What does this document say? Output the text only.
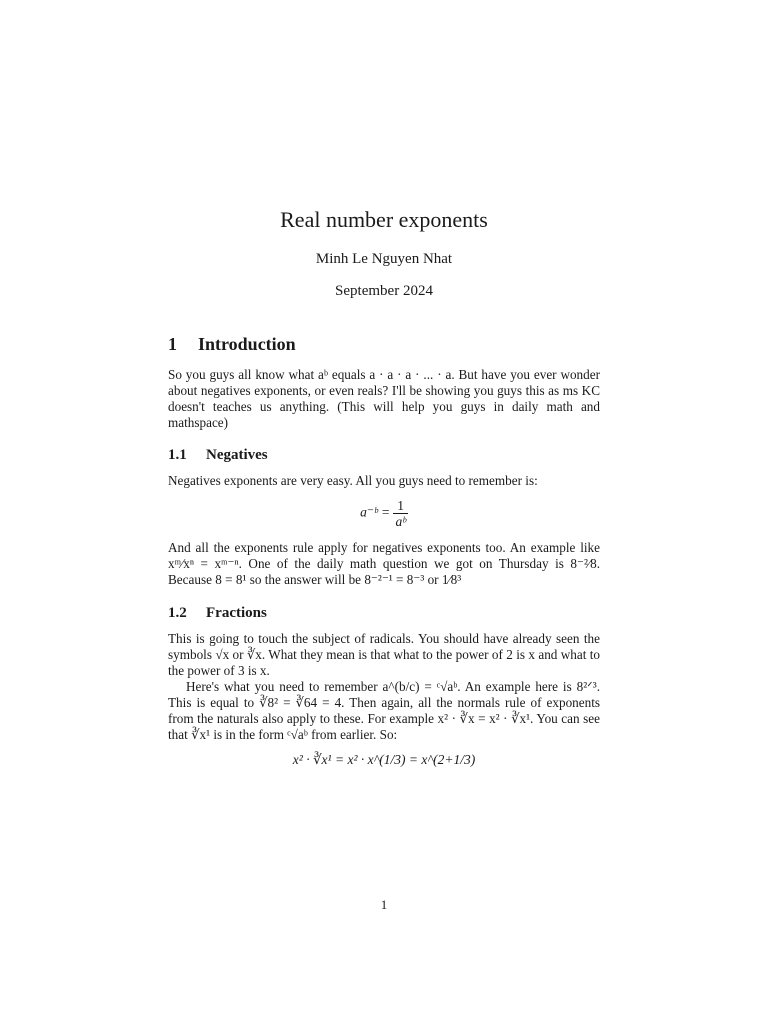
Real number exponents
Minh Le Nguyen Nhat
September 2024
1 Introduction
So you guys all know what aᵇ equals a · a · a · ... · a. But have you ever wonder about negatives exponents, or even reals? I'll be showing you guys this as ms KC doesn't teaches us anything. (This will help you guys in daily math and mathspace)
1.1 Negatives
Negatives exponents are very easy. All you guys need to remember is:
a⁻ᵇ = $\frac{1}{\text{aᵇ}}$
And all the exponents rule apply for negatives exponents too. An example like xᵐ⁄xⁿ = xᵐ⁻ⁿ. One of the daily math question we got on Thursday is 8⁻²⁄8. Because 8 = 8¹ so the answer will be 8⁻²⁻¹ = 8⁻³ or 1⁄8³
1.2 Fractions
This is going to touch the subject of radicals. You should have already seen the symbols √x or ∛x. What they mean is that what to the power of 2 is x and what to the power of 3 is x.
Here's what you need to remember a^(b/c) = ᶜ√aᵇ. An example here is 8²ᐟ³. This is equal to ∛8² = ∛64 = 4. Then again, all the normals rule of exponents from the naturals also apply to these. For example x² · ∛x = x² · ∛x¹. You can see that ∛x¹ is in the form ᶜ√aᵇ from earlier. So:
x² · ∛x¹ = x² · x^(1/3) = x^(2+1/3)
1
